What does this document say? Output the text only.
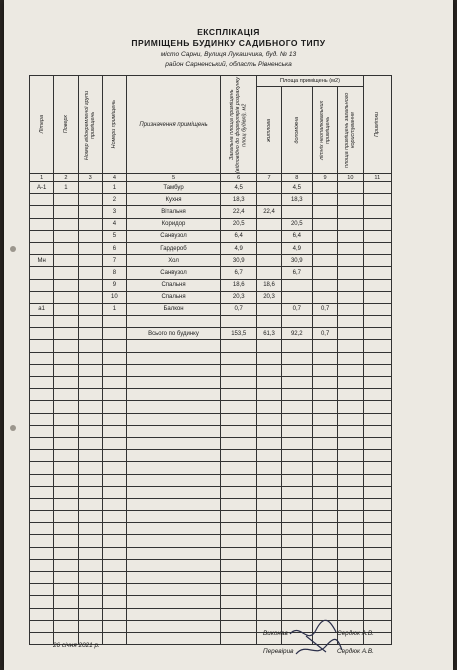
ЕКСПЛІКАЦІЯ
ПРИМІЩЕНЬ БУДИНКУ САДИБНОГО ТИПУ
місто Сарни, Вулиця Лукашчика, буд. № 13
район Сарненський, область Рівненська
Літера	Поверх	Номер відокремленої групи приміщень	Номери приміщень	Призначення приміщень	Загальна площа приміщень (відповідно до формулярів розрахунку площ будівлі), м2	Площа приміщень (м2)				Примітки

						житлова	допоміжна	літніх неопалювальних приміщень	площа приміщень загального користування	

1	2	3	4	5	6	7	8	9	10	11
А-1	1		1	Тамбур	4,5		4,5			
			2	Кухня	18,3		18,3			
			3	Вітальня	22,4	22,4				
			4	Коридор	20,5		20,5			
			5	Санвузол	6,4		6,4			
			6	Гардероб	4,9		4,9			
Мн			7	Хол	30,9		30,9			
			8	Санвузол	6,7		6,7			
			9	Спальня	18,6	18,6				
			10	Спальня	20,3	20,3				
а1			1	Балкон	0,7		0,7	0,7		

				Всього по будинку	153,5	61,3	92,2	0,7		

26 січня 2021 р.
Виконав	Сердюк А.В.
Перевірив	Сердюк А.В.
